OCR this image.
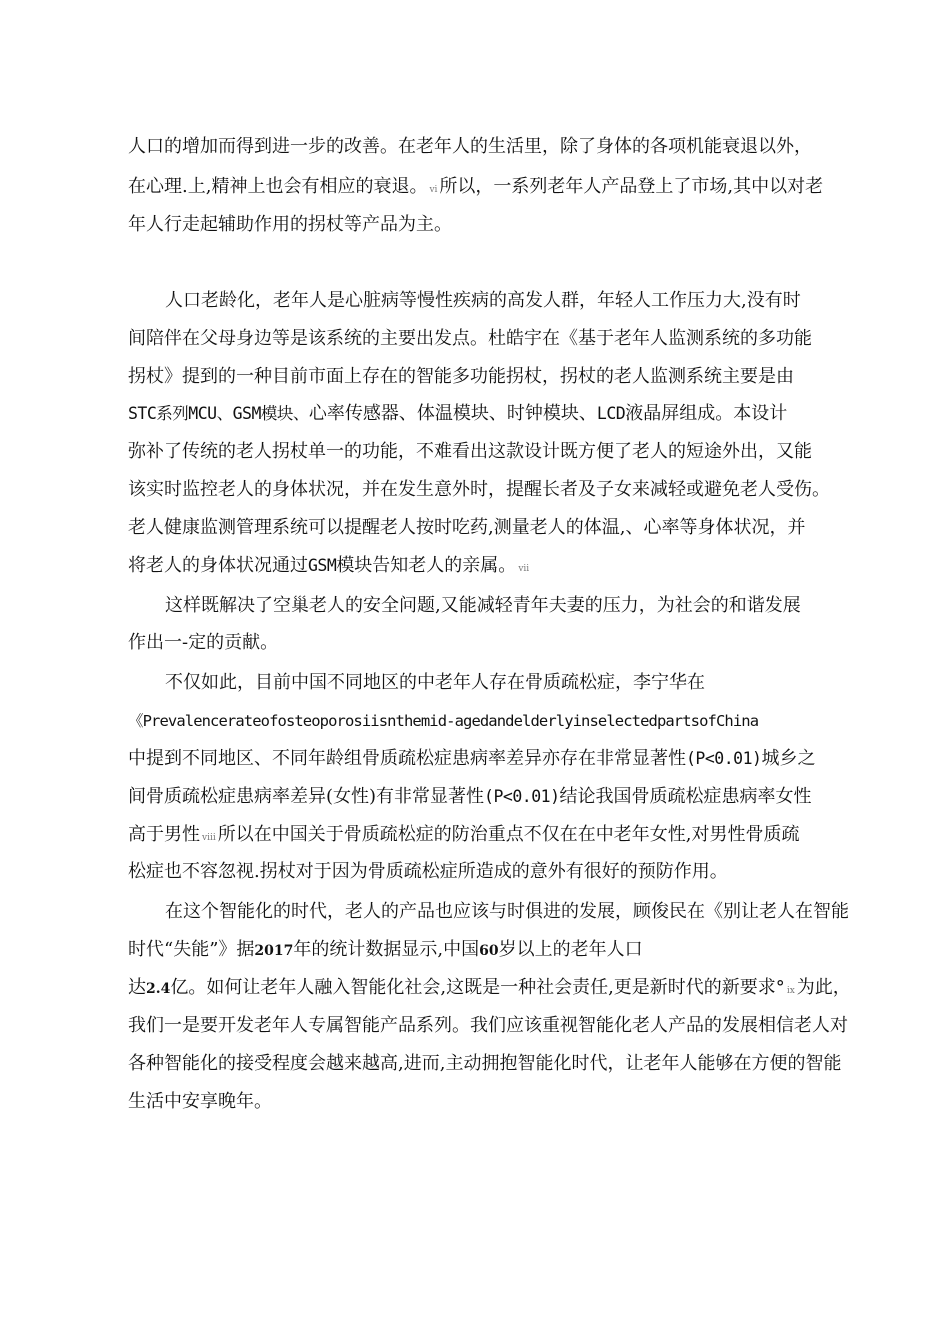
人口的增加而得到进一步的改善。在老年人的生活里，除了身体的各项机能衰退以外，
在心理.上,精神上也会有相应的衰退。 vi 所以，一系列老年人产品登上了市场,其中以对老
年人行走起辅助作用的拐杖等产品为主。
人口老龄化，老年人是心脏病等慢性疾病的高发人群，年轻人工作压力大,没有时
间陪伴在父母身边等是该系统的主要出发点。杜皓宇在《基于老年人监测系统的多功能
拐杖》提到的一种目前市面上存在的智能多功能拐杖，拐杖的老人监测系统主要是由
STC系列MCU、GSM模块、心率传感器、体温模块、时钟模块、LCD液晶屏组成。本设计
弥补了传统的老人拐杖单一的功能，不难看出这款设计既方便了老人的短途外出，又能
该实时监控老人的身体状况，并在发生意外时，提醒长者及子女来减轻或避免老人受伤。
老人健康监测管理系统可以提醒老人按时吃药,测量老人的体温,、心率等身体状况，并
将老人的身体状况通过GSM模块告知老人的亲属。 vii
这样既解决了空巢老人的安全问题,又能减轻青年夫妻的压力，为社会的和谐发展
作出一-定的贡献。
不仅如此，目前中国不同地区的中老年人存在骨质疏松症，李宁华在
《Prevalencerateofosteoporosiisnthemid-agedandelderlyinselectedpartsofChina
中提到不同地区、不同年龄组骨质疏松症患病率差异亦存在非常显著性(P<0.01)城乡之
间骨质疏松症患病率差异(女性)有非常显著性(P<0.01)结论我国骨质疏松症患病率女性
高于男性 viii 所以在中国关于骨质疏松症的防治重点不仅在在中老年女性,对男性骨质疏
松症也不容忽视.拐杖对于因为骨质疏松症所造成的意外有很好的预防作用。
在这个智能化的时代，老人的产品也应该与时俱进的发展，顾俊民在《别让老人在智能
时代“失能”》据2017年的统计数据显示,中国60岁以上的老年人口
达2.4亿。如何让老年人融入智能化社会,这既是一种社会责任,更是新时代的新要求° ix 为此，
我们一是要开发老年人专属智能产品系列。我们应该重视智能化老人产品的发展相信老人对
各种智能化的接受程度会越来越高,进而,主动拥抱智能化时代，让老年人能够在方便的智能
生活中安享晚年。
